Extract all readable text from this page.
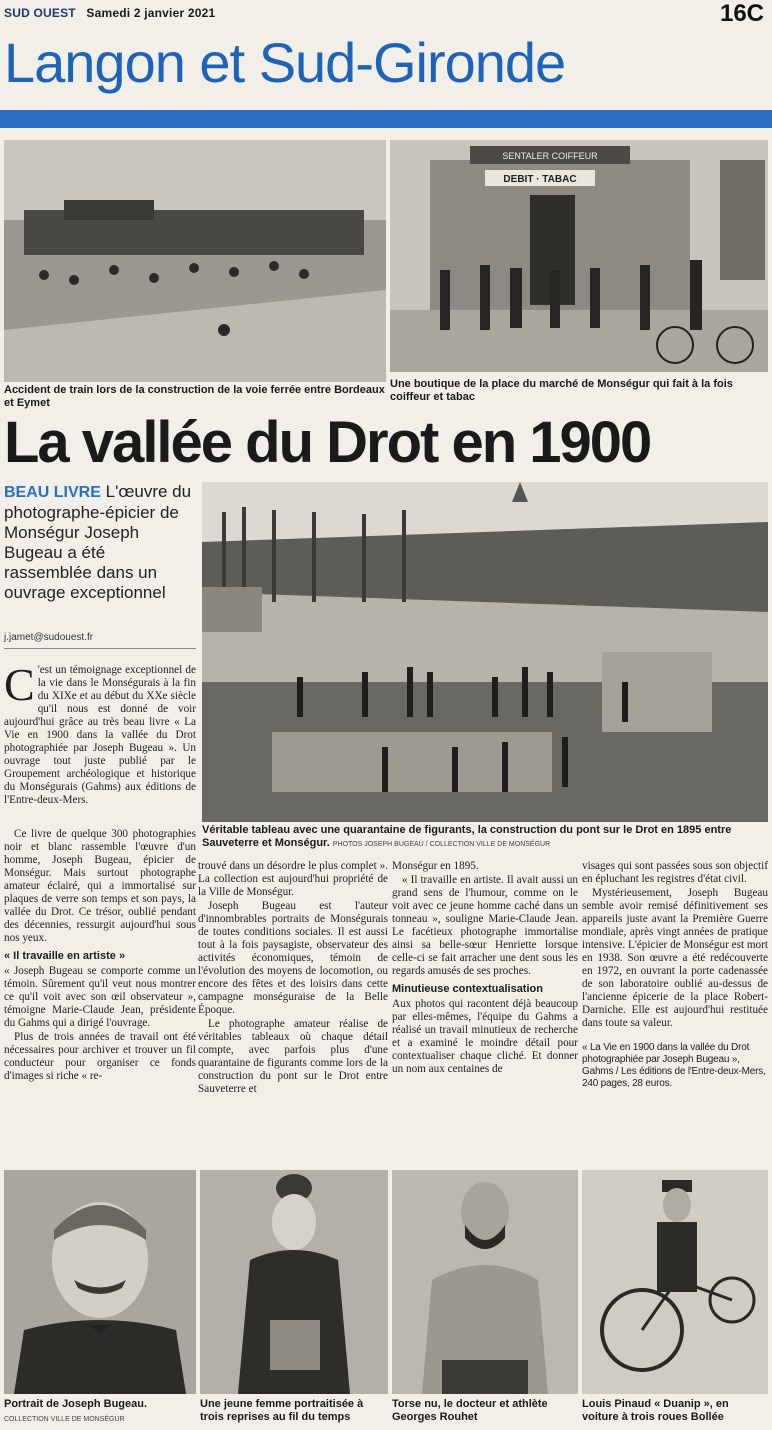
SUD OUEST Samedi 2 janvier 2021	16C
Langon et Sud-Gironde
Accident de train lors de la construction de la voie ferrée entre Bordeaux et Eymet
SENTALER COIFFEUR
DEBIT · TABAC
Une boutique de la place du marché de Monségur qui fait à la fois coiffeur et tabac
La vallée du Drot en 1900
BEAU LIVRE L'œuvre du photographe-épicier de Monségur Joseph Bugeau a été rassemblée dans un ouvrage exceptionnel
j.jamet@sudouest.fr
Véritable tableau avec une quarantaine de figurants, la construction du pont sur le Drot en 1895 entre Sauveterre et Monségur. PHOTOS JOSEPH BUGEAU / COLLECTION VILLE DE MONSÉGUR

C 'est un témoignage exceptionnel de la vie dans le Monségurais à la fin du XIXe et au début du XXe siècle qu'il nous est donné de voir aujourd'hui grâce au très beau livre « La Vie en 1900 dans la vallée du Drot photographiée par Joseph Bugeau ». Un ouvrage tout juste publié par le Groupement archéologique et historique du Monségurais (Gahms) aux éditions de l'Entre-deux-Mers.

Ce livre de quelque 300 photographies noir et blanc rassemble l'œuvre d'un homme, Joseph Bugeau, épicier de Monségur. Mais surtout photographe amateur éclairé, qui a immortalisé sur plaques de verre son temps et son pays, la vallée du Drot. Ce trésor, oublié pendant des décennies, ressurgit aujourd'hui sous nos yeux.

« Il travaille en artiste »

« Joseph Bugeau se comporte comme un témoin. Sûrement qu'il veut nous montrer ce qu'il voit avec son œil observateur », témoigne Marie-Claude Jean, présidente du Gahms qui a dirigé l'ouvrage.

Plus de trois années de travail ont été nécessaires pour archiver et trouver un fil conducteur pour organiser ce fonds d'images si riche « re-

trouvé dans un désordre le plus complet ». La collection est aujourd'hui propriété de la Ville de Monségur.

Joseph Bugeau est l'auteur d'innombrables portraits de Monségurais de toutes conditions sociales. Il est aussi tout à la fois paysagiste, observateur des activités économiques, témoin de l'évolution des moyens de locomotion, ou encore des fêtes et des loisirs dans cette campagne monséguraise de la Belle Époque.

Le photographe amateur réalise de véritables tableaux où chaque détail compte, avec parfois plus d'une quarantaine de figurants comme lors de la construction du pont sur le Drot entre Sauveterre et

Monségur en 1895.

« Il travaille en artiste. Il avait aussi un grand sens de l'humour, comme on le voit avec ce jeune homme caché dans un tonneau », souligne Marie-Claude Jean. Le facétieux photographe immortalise ainsi sa belle-sœur Henriette lorsque celle-ci se fait arracher une dent sous les regards amusés de ses proches.

Minutieuse contextualisation

Aux photos qui racontent déjà beaucoup par elles-mêmes, l'équipe du Gahms a réalisé un travail minutieux de recherche et a examiné le moindre détail pour contextualiser chaque cliché. Et donner un nom aux centaines de

visages qui sont passées sous son objectif en épluchant les registres d'état civil.

Mystérieusement, Joseph Bugeau semble avoir remisé définitivement ses appareils juste avant la Première Guerre mondiale, après vingt années de pratique intensive. L'épicier de Monségur est mort en 1938. Son œuvre a été redécouverte en 1972, en ouvrant la porte cadenassée de son laboratoire oublié au-dessus de l'ancienne épicerie de la place Robert-Darniche. Elle est aujourd'hui restituée dans toute sa valeur.

« La Vie en 1900 dans la vallée du Drot photographiée par Joseph Bugeau », Gahms / Les éditions de l'Entre-deux-Mers, 240 pages, 28 euros.
Portrait de Joseph Bugeau.
COLLECTION VILLE DE MONSÉGUR
Une jeune femme portraitisée à trois reprises au fil du temps
Torse nu, le docteur et athlète Georges Rouhet
Louis Pinaud « Duanip », en voiture à trois roues Bollée
